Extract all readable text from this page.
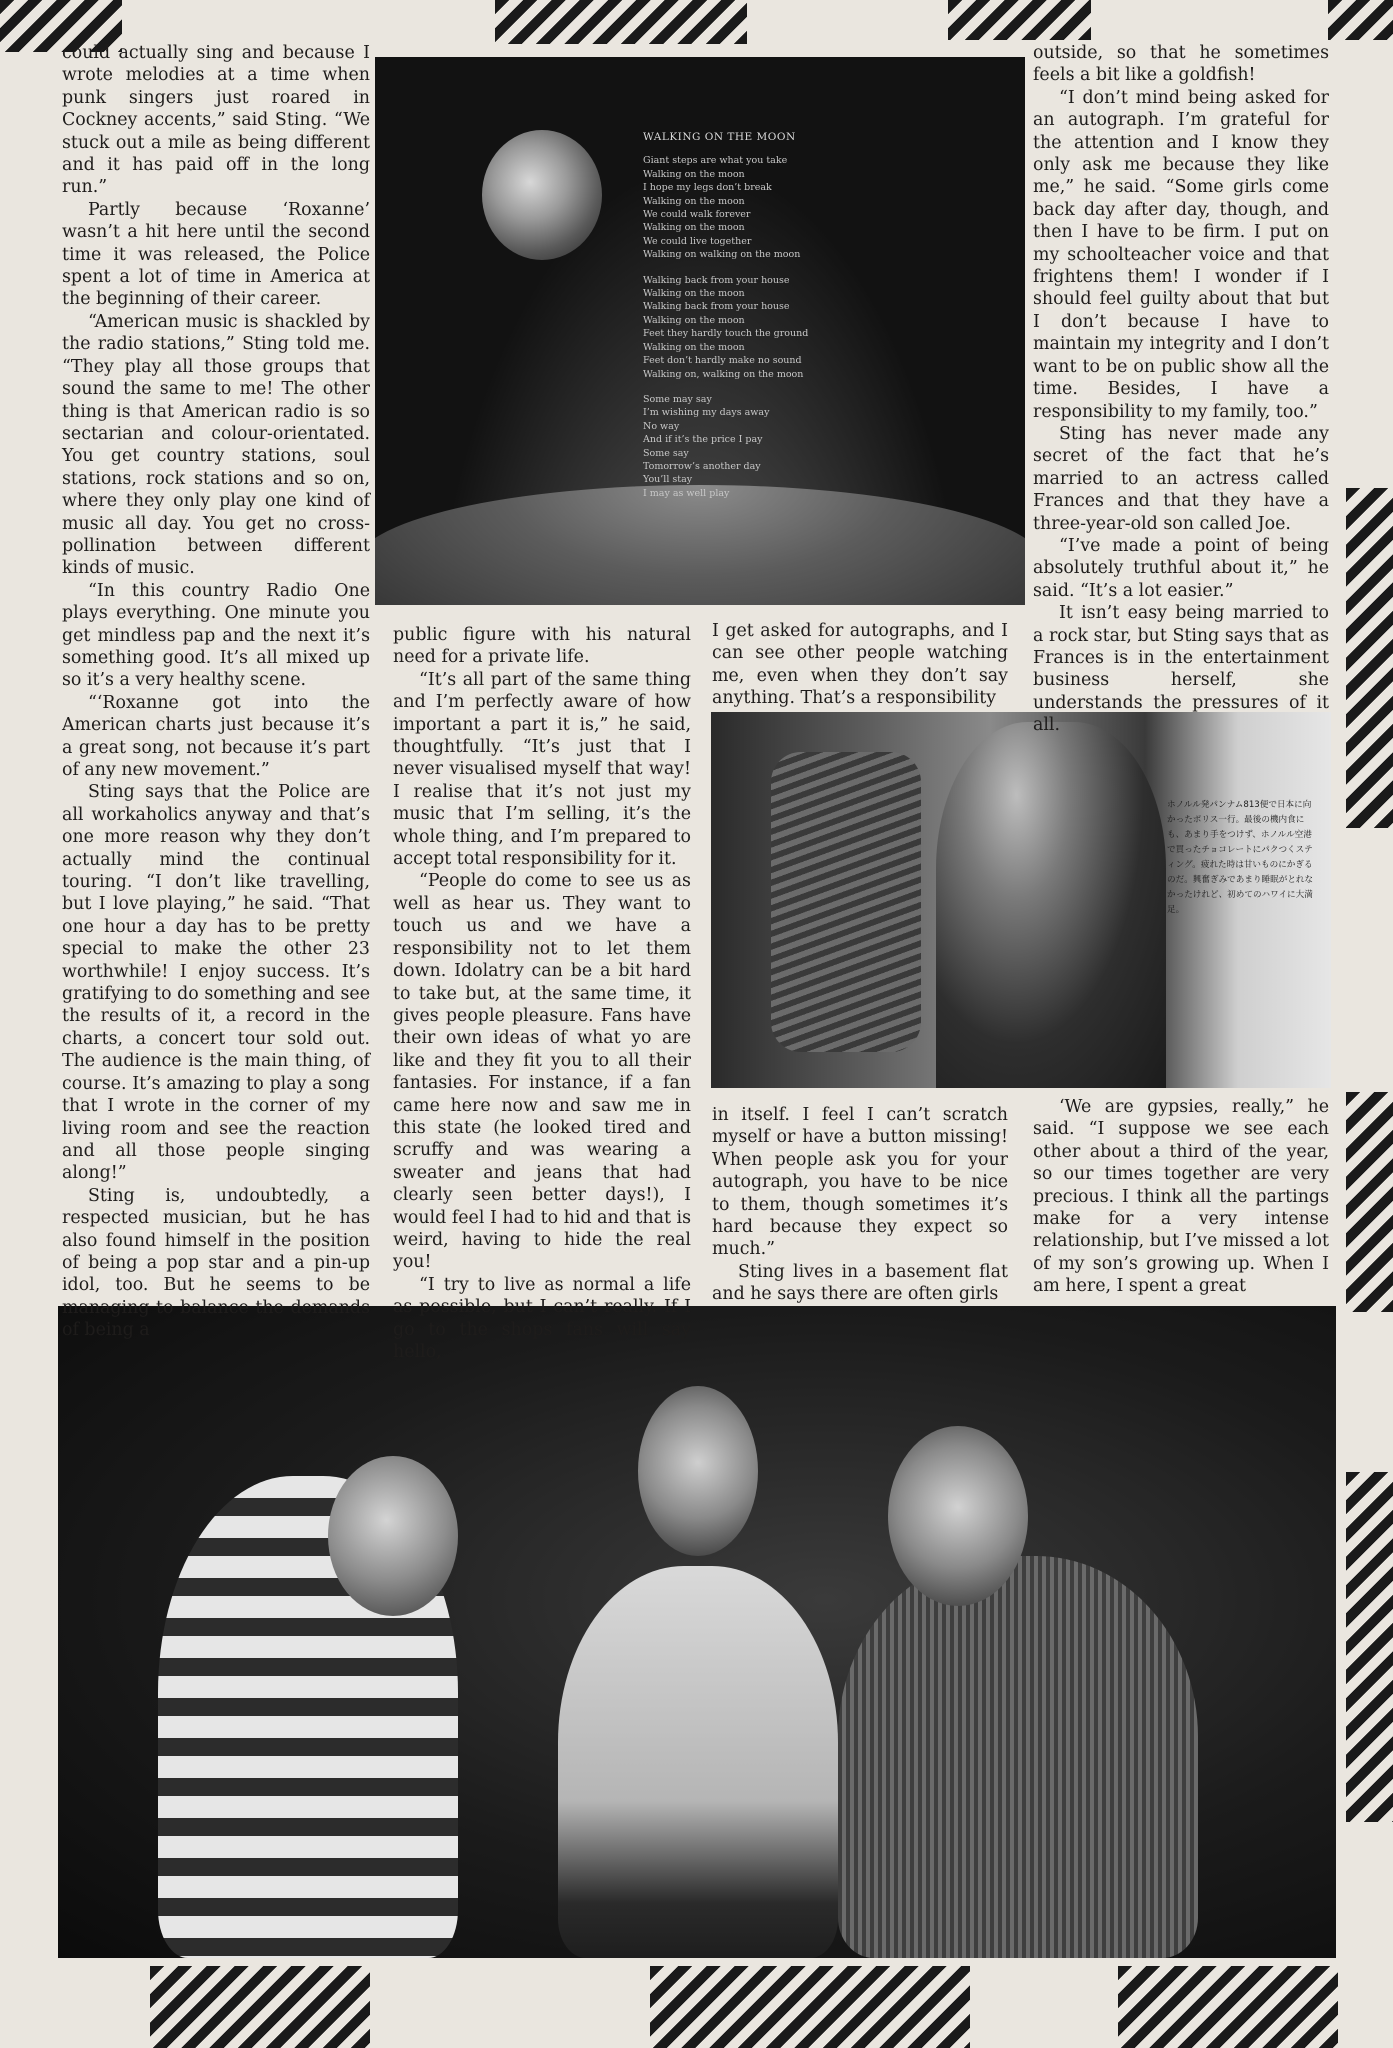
WALKING ON THE MOON
Giant steps are what you take
Walking on the moon
I hope my legs don’t break
Walking on the moon
We could walk forever
Walking on the moon
We could live together
Walking on walking on the moon
Walking back from your house
Walking on the moon
Walking back from your house
Walking on the moon
Feet they hardly touch the ground
Walking on the moon
Feet don’t hardly make no sound
Walking on, walking on the moon
Some may say
I’m wishing my days away
No way
And if it’s the price I pay
Some say
Tomorrow’s another day
You’ll stay
I may as well play
ホノルル発パンナム813便で日本に向かったポリス一行。最後の機内食にも、あまり手をつけず、ホノルル空港で買ったチョコレートにパクつくスティング。疲れた時は甘いものにかぎるのだ。興奮ぎみであまり睡眠がとれなかったけれど、初めてのハワイに大満足。

could actually sing and because I wrote melodies at a time when punk singers just roared in Cockney accents,” said Sting. “We stuck out a mile as being different and it has paid off in the long run.”

Partly because ‘Roxanne’ wasn’t a hit here until the second time it was released, the Police spent a lot of time in America at the beginning of their career.

“American music is shackled by the radio stations,” Sting told me. “They play all those groups that sound the same to me! The other thing is that American radio is so sectarian and colour-orientated. You get country stations, soul stations, rock stations and so on, where they only play one kind of music all day. You get no cross-pollination between different kinds of music.

“In this country Radio One plays everything. One minute you get mindless pap and the next it’s something good. It’s all mixed up so it’s a very healthy scene.

“‘Roxanne got into the American charts just because it’s a great song, not because it’s part of any new movement.”

Sting says that the Police are all workaholics anyway and that’s one more reason why they don’t actually mind the continual touring. “I don’t like travelling, but I love playing,” he said. “That one hour a day has to be pretty special to make the other 23 worthwhile! I enjoy success. It’s gratifying to do something and see the results of it, a record in the charts, a concert tour sold out. The audience is the main thing, of course. It’s amazing to play a song that I wrote in the corner of my living room and see the reaction and all those people singing along!”

Sting is, undoubtedly, a respected musician, but he has also found himself in the position of being a pop star and a pin-up idol, too. But he seems to be managing to balance the demands of being a

public figure with his natural need for a private life.

“It’s all part of the same thing and I’m perfectly aware of how important a part it is,” he said, thoughtfully. “It’s just that I never visualised myself that way! I realise that it’s not just my music that I’m selling, it’s the whole thing, and I’m prepared to accept total responsibility for it.

“People do come to see us as well as hear us. They want to touch us and we have a responsibility not to let them down. Idolatry can be a bit hard to take but, at the same time, it gives people pleasure. Fans have their own ideas of what yo are like and they fit you to all their fantasies. For instance, if a fan came here now and saw me in this state (he looked tired and scruffy and was wearing a sweater and jeans that had clearly seen better days!), I would feel I had to hid and that is weird, having to hide the real you!

“I try to live as normal a life as possible, but I can’t really. If I go to the shops fans will say hello,

I get asked for autographs, and I can see other people watching me, even when they don’t say anything. That’s a responsibility

in itself. I feel I can’t scratch myself or have a button missing! When people ask you for your autograph, you have to be nice to them, though sometimes it’s hard because they expect so much.”

Sting lives in a basement flat and he says there are often girls

outside, so that he sometimes feels a bit like a goldfish!

“I don’t mind being asked for an autograph. I’m grateful for the attention and I know they only ask me because they like me,” he said. “Some girls come back day after day, though, and then I have to be firm. I put on my schoolteacher voice and that frightens them! I wonder if I should feel guilty about that but I don’t because I have to maintain my integrity and I don’t want to be on public show all the time. Besides, I have a responsibility to my family, too.”

Sting has never made any secret of the fact that he’s married to an actress called Frances and that they have a three-year-old son called Joe.

“I’ve made a point of being absolutely truthful about it,” he said. “It’s a lot easier.”

It isn’t easy being married to a rock star, but Sting says that as Frances is in the entertainment business herself, she understands the pressures of it all.

‘We are gypsies, really,” he said. “I suppose we see each other about a third of the year, so our times together are very precious. I think all the partings make for a very intense relationship, but I’ve missed a lot of my son’s growing up. When I am here, I spent a great
